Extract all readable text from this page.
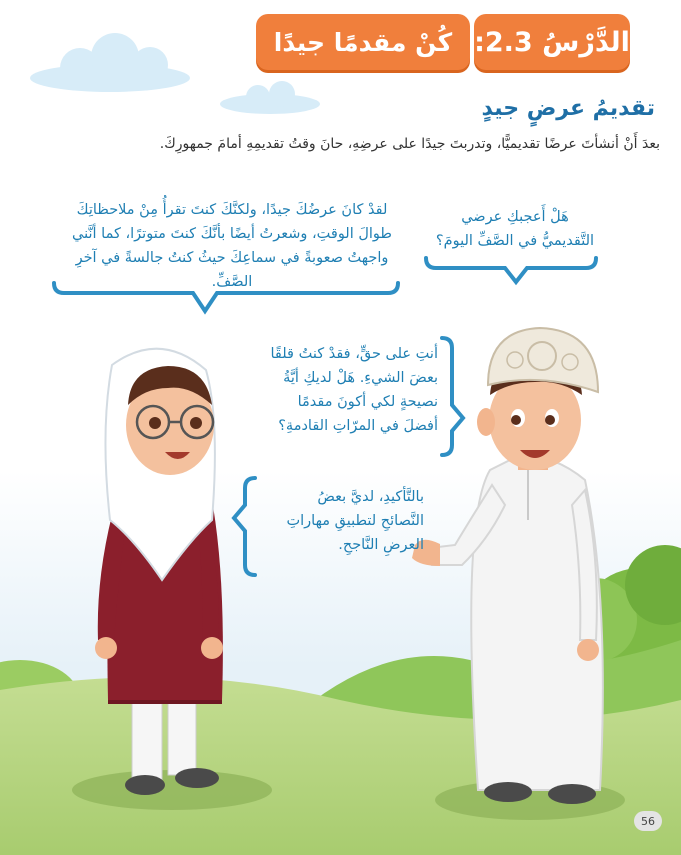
الدَّرْسُ 2.3:
كُنْ مقدمًا جيدًا
تقديمُ عرضٍ جيدٍ
بعدَ أَنْ أنشأتَ عرضًا تقديميًّا، وتدربتَ جيدًا على عرضِهِ، حانَ وقتُ تقديمِهِ أمامَ جمهورِكَ.
هَلْ أَعجبكِ عرضي
التَّقديميُّ في الصَّفِّ اليومَ؟
لقدْ كانَ عرضُكَ جيدًا، ولكنَّكَ كنتَ تقرأُ مِنْ ملاحظاتِكَ
طوالَ الوقتِ، وشعرتُ أيضًا بأنَّكَ كنتَ متوترًا، كما أنَّني
واجهتُ صعوبةً في سماعِكَ حيثُ كنتُ جالسةً في آخرِ الصَّفِّ.
أنتِ على حقٍّ، فقدْ كنتُ قلقًا
بعضَ الشيءِ. هَلْ لديكِ أيَّةُ
نصيحةٍ لكي أكونَ مقدمًا
أفضلَ في المرّاتِ القادمةِ؟
بالتَّأكيدِ، لديَّ بعضُ
النَّصائحِ لتطبيقِ مهاراتِ
العرضِ النَّاجحِ.
56
